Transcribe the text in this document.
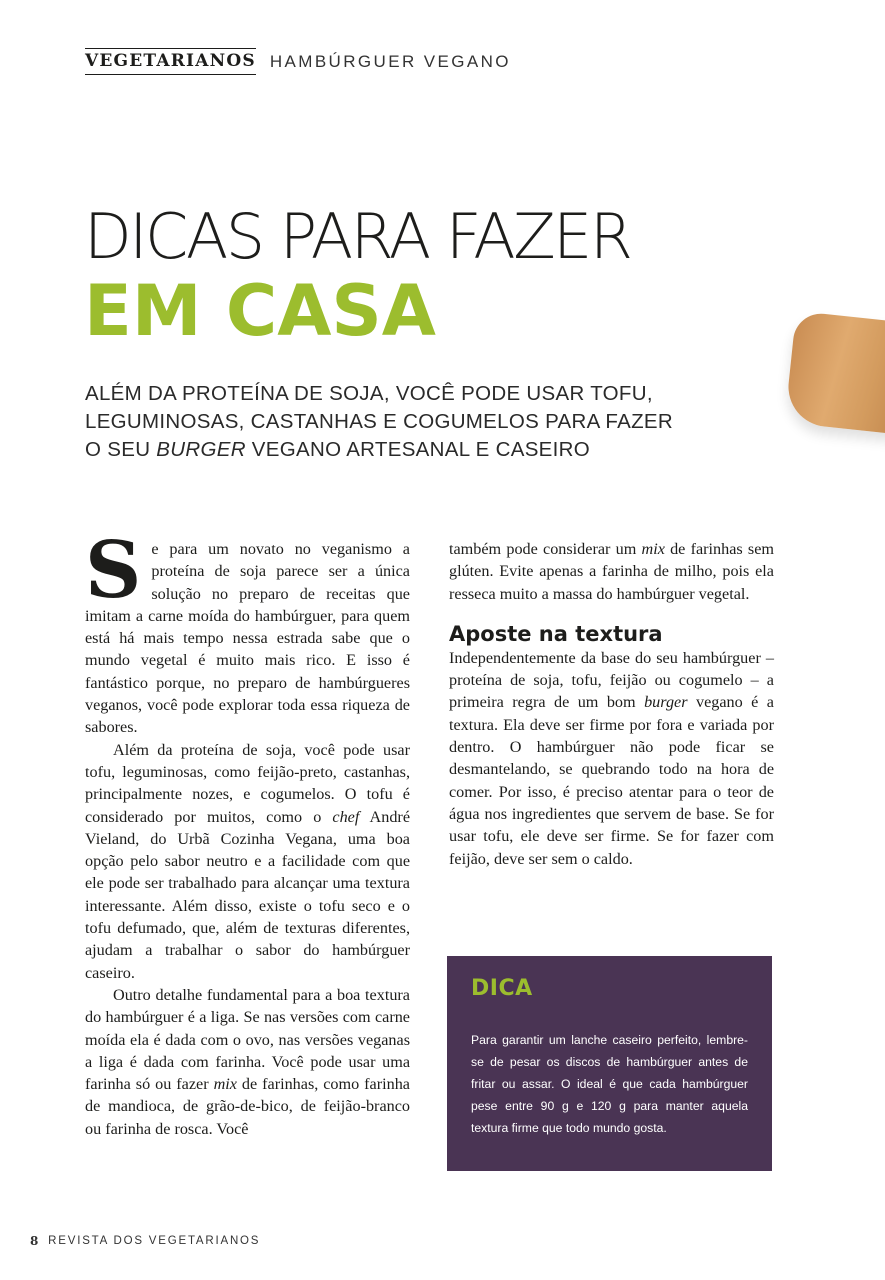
VEGETARIANOS HAMBÚRGUER VEGANO
DICAS PARA FAZER
EM CASA
ALÉM DA PROTEÍNA DE SOJA, VOCÊ PODE USAR TOFU,
LEGUMINOSAS, CASTANHAS E COGUMELOS PARA FAZER
O SEU BURGER VEGANO ARTESANAL E CASEIRO

Se para um novato no veganismo a proteína de soja parece ser a única solução no preparo de receitas que imitam a carne moída do hambúrguer, para quem está há mais tempo nessa estrada sabe que o mundo vegetal é muito mais rico. E isso é fantástico porque, no preparo de hambúrgueres veganos, você pode explorar toda essa riqueza de sabores.

Além da proteína de soja, você pode usar tofu, leguminosas, como feijão-preto, castanhas, principalmente nozes, e cogumelos. O tofu é considerado por muitos, como o chef André Vieland, do Urbã Cozinha Vegana, uma boa opção pelo sabor neutro e a facilidade com que ele pode ser trabalhado para alcançar uma textura interessante. Além disso, existe o tofu seco e o tofu defumado, que, além de texturas diferentes, ajudam a trabalhar o sabor do hambúrguer caseiro.

Outro detalhe fundamental para a boa textura do hambúrguer é a liga. Se nas versões com carne moída ela é dada com o ovo, nas versões veganas a liga é dada com farinha. Você pode usar uma farinha só ou fazer mix de farinhas, como farinha de mandioca, de grão-de-bico, de feijão-branco ou farinha de rosca. Você

também pode considerar um mix de farinhas sem glúten. Evite apenas a farinha de milho, pois ela resseca muito a massa do hambúrguer vegetal.

Aposte na textura

Independentemente da base do seu hambúrguer – proteína de soja, tofu, feijão ou cogumelo – a primeira regra de um bom burger vegano é a textura. Ela deve ser firme por fora e variada por dentro. O hambúrguer não pode ficar se desmantelando, se quebrando todo na hora de comer. Por isso, é preciso atentar para o teor de água nos ingredientes que servem de base. Se for usar tofu, ele deve ser firme. Se for fazer com feijão, deve ser sem o caldo.

DICA
Para garantir um lanche caseiro perfeito, lembre-se de pesar os discos de hambúrguer antes de fritar ou assar. O ideal é que cada hambúrguer pese entre 90 g e 120 g para manter aquela textura firme que todo mundo gosta.
8 REVISTA DOS VEGETARIANOS
